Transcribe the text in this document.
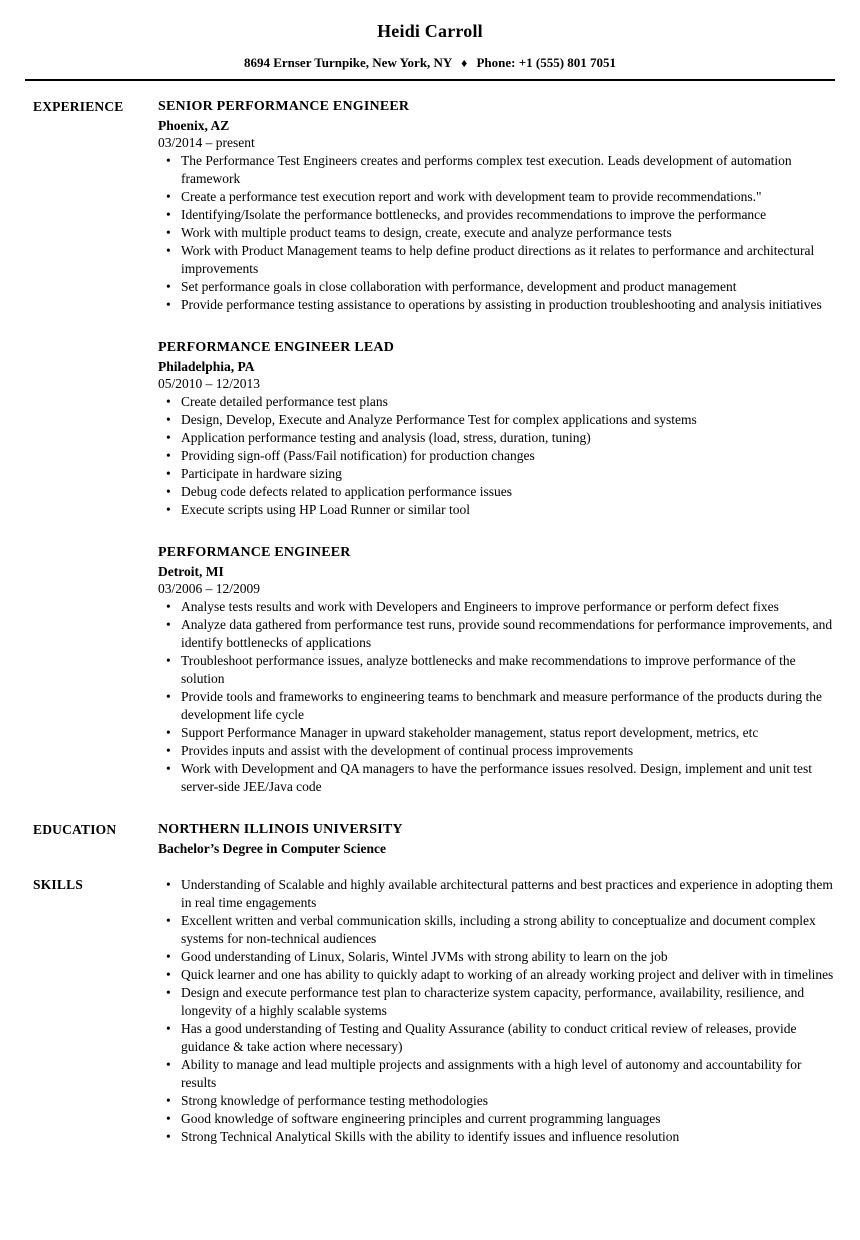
Heidi Carroll

8694 Ernser Turnpike, New York, NY ♦ Phone: +1 (555) 801 7051

EXPERIENCE	SENIOR PERFORMANCE ENGINEER
Phoenix, AZ
03/2014 – present
• The Performance Test Engineers creates and performs complex test execution. Leads development of automation framework
• Create a performance test execution report and work with development team to provide recommendations."
• Identifying/Isolate the performance bottlenecks, and provides recommendations to improve the performance
• Work with multiple product teams to design, create, execute and analyze performance tests
• Work with Product Management teams to help define product directions as it relates to performance and architectural improvements
• Set performance goals in close collaboration with performance, development and product management
• Provide performance testing assistance to operations by assisting in production troubleshooting and analysis initiatives
PERFORMANCE ENGINEER LEAD
Philadelphia, PA
05/2010 – 12/2013
• Create detailed performance test plans
• Design, Develop, Execute and Analyze Performance Test for complex applications and systems
• Application performance testing and analysis (load, stress, duration, tuning)
• Providing sign-off (Pass/Fail notification) for production changes
• Participate in hardware sizing
• Debug code defects related to application performance issues
• Execute scripts using HP Load Runner or similar tool
PERFORMANCE ENGINEER
Detroit, MI
03/2006 – 12/2009
• Analyse tests results and work with Developers and Engineers to improve performance or perform defect fixes
• Analyze data gathered from performance test runs, provide sound recommendations for performance improvements, and identify bottlenecks of applications
• Troubleshoot performance issues, analyze bottlenecks and make recommendations to improve performance of the solution
• Provide tools and frameworks to engineering teams to benchmark and measure performance of the products during the development life cycle
• Support Performance Manager in upward stakeholder management, status report development, metrics, etc
• Provides inputs and assist with the development of continual process improvements
• Work with Development and QA managers to have the performance issues resolved. Design, implement and unit test server-side JEE/Java code
EDUCATION	NORTHERN ILLINOIS UNIVERSITY
Bachelor’s Degree in Computer Science
SKILLS	• Understanding of Scalable and highly available architectural patterns and best practices and experience in adopting them in real time engagements
• Excellent written and verbal communication skills, including a strong ability to conceptualize and document complex systems for non-technical audiences
• Good understanding of Linux, Solaris, Wintel JVMs with strong ability to learn on the job
• Quick learner and one has ability to quickly adapt to working of an already working project and deliver with in timelines
• Design and execute performance test plan to characterize system capacity, performance, availability, resilience, and longevity of a highly scalable systems
• Has a good understanding of Testing and Quality Assurance (ability to conduct critical review of releases, provide guidance & take action where necessary)
• Ability to manage and lead multiple projects and assignments with a high level of autonomy and accountability for results
• Strong knowledge of performance testing methodologies
• Good knowledge of software engineering principles and current programming languages
• Strong Technical Analytical Skills with the ability to identify issues and influence resolution
